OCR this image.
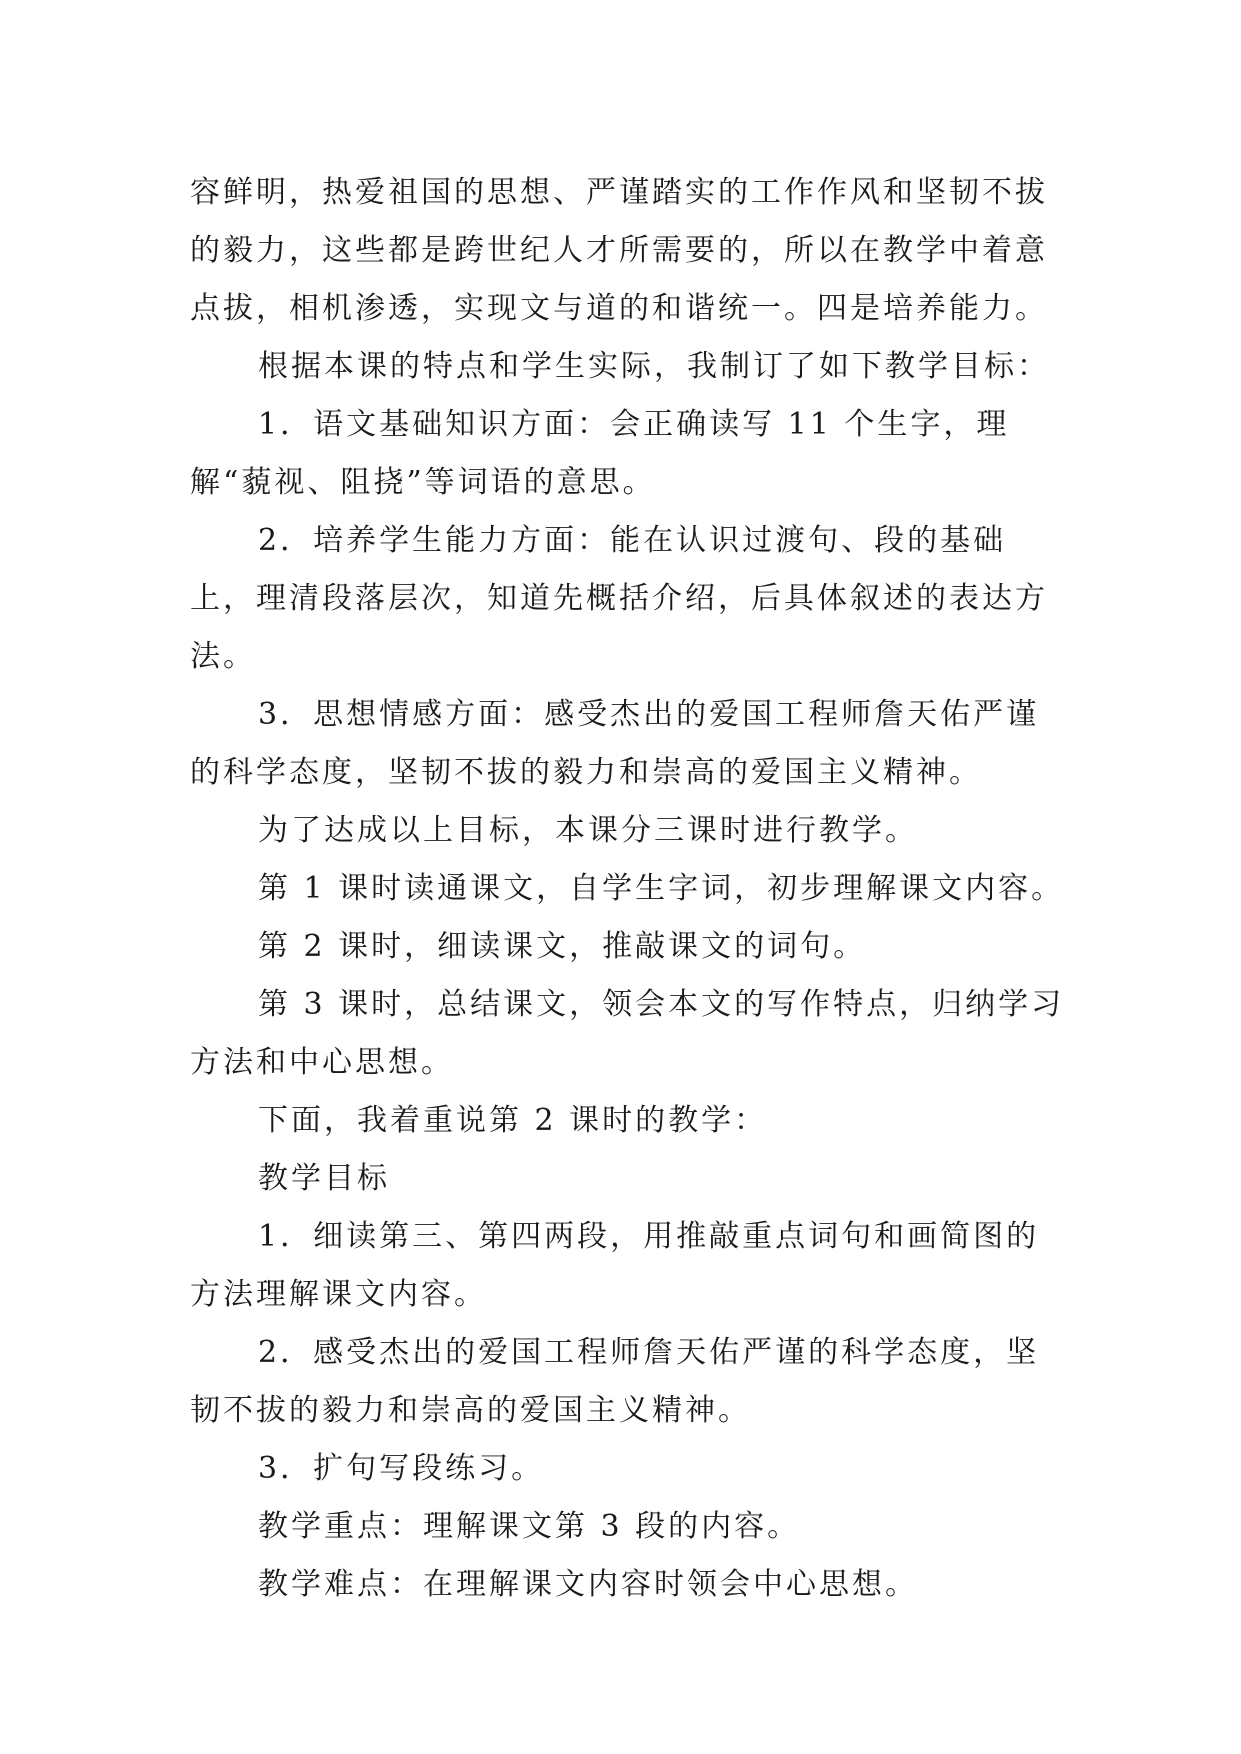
容鲜明，热爱祖国的思想、严谨踏实的工作作风和坚韧不拔的毅力，这些都是跨世纪人才所需要的，所以在教学中着意点拔，相机渗透，实现文与道的和谐统一。四是培养能力。

根据本课的特点和学生实际，我制订了如下教学目标：

1．语文基础知识方面：会正确读写 11 个生字，理解“藐视、阻挠”等词语的意思。

2．培养学生能力方面：能在认识过渡句、段的基础上，理清段落层次，知道先概括介绍，后具体叙述的表达方法。

3．思想情感方面：感受杰出的爱国工程师詹天佑严谨的科学态度，坚韧不拔的毅力和崇高的爱国主义精神。

为了达成以上目标，本课分三课时进行教学。

第 1 课时读通课文，自学生字词，初步理解课文内容。

第 2 课时，细读课文，推敲课文的词句。

第 3 课时，总结课文，领会本文的写作特点，归纳学习方法和中心思想。

下面，我着重说第 2 课时的教学：

教学目标

1．细读第三、第四两段，用推敲重点词句和画简图的方法理解课文内容。

2．感受杰出的爱国工程师詹天佑严谨的科学态度，坚韧不拔的毅力和崇高的爱国主义精神。

3．扩句写段练习。

教学重点：理解课文第 3 段的内容。

教学难点：在理解课文内容时领会中心思想。
